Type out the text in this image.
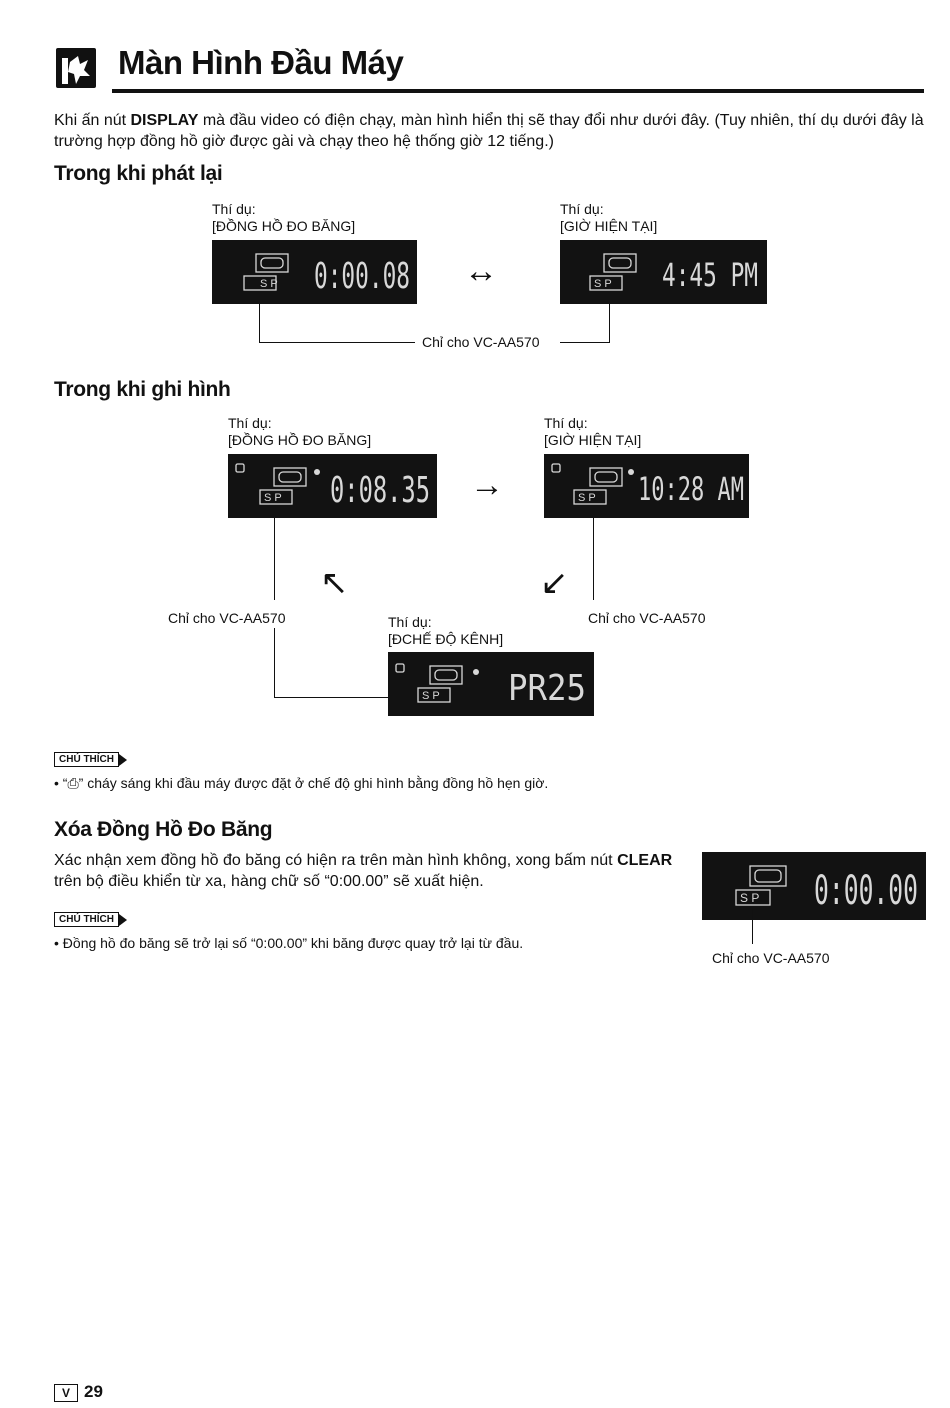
Màn Hình Đầu Máy
Khi ấn nút DISPLAY mà đầu video có điện chạy, màn hình hiển thị sẽ thay đổi như dưới đây. (Tuy nhiên, thí dụ dưới đây là trường hợp đồng hồ giờ được gài và chạy theo hệ thống giờ 12 tiếng.)
Trong khi phát lại
Thí dụ:
[ĐỒNG HỒ ĐO BĂNG]
Thí dụ:
[GIỜ HIỆN TẠI]
S P 0:00.08 ↔	S P 4:45 PM
Chỉ cho VC-AA570
Trong khi ghi hình
Thí dụ:
[ĐỒNG HỒ ĐO BĂNG]
Thí dụ:
[GIỜ HIỆN TẠI]
S P 0:08.35 →	S P 10:28 AM
↖	↙
Chỉ cho VC-AA570	Chỉ cho VC-AA570
Thí dụ:
[ĐCHẾ ĐỘ KÊNH]
S P PR25
CHÚ THÍCH
• “⎙” cháy sáng khi đầu máy được đặt ở chế độ ghi hình bằng đồng hồ hẹn giờ.
Xóa Đồng Hồ Đo Băng
Xác nhận xem đồng hồ đo băng có hiện ra trên màn hình không, xong bấm nút CLEAR trên bộ điều khiển từ xa, hàng chữ số “0:00.00” sẽ xuất hiện.
S P 0:00.00
Chỉ cho VC-AA570
CHÚ THÍCH
• Đồng hồ đo băng sẽ trở lại số “0:00.00” khi băng được quay trở lại từ đầu.
V 29
